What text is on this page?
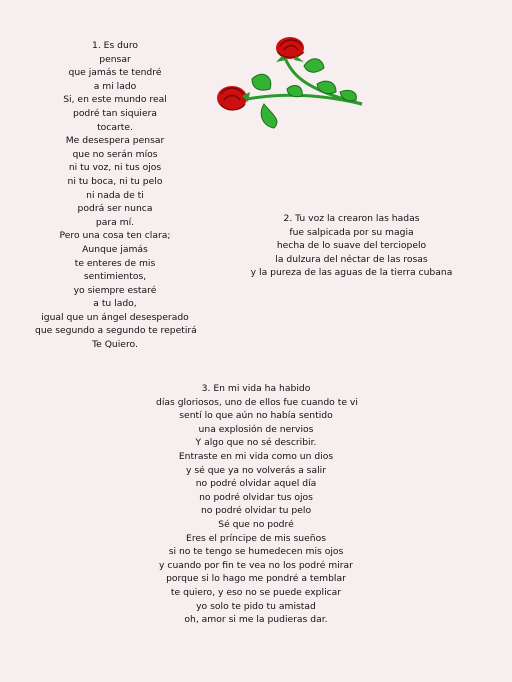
1. Es duro
pensar
que jamás te tendré
a mi lado
Si, en este mundo real
podré tan siquiera
tocarte.
Me desespera pensar
que no serán míos
ni tu voz, ni tus ojos
ni tu boca, ni tu pelo
ni nada de ti
podrá ser nunca
para mí.
Pero una cosa ten clara;
Aunque jamás
te enteres de mis
sentimientos,
yo siempre estaré
a tu lado,
igual que un ángel desesperado
que segundo a segundo te repetirá
Te Quiero.
2. Tu voz la crearon las hadas
fue salpicada por su magia
hecha de lo suave del terciopelo
la dulzura del néctar de las rosas
y la pureza de las aguas de la tierra cubana
3. En mi vida ha habido
días gloriosos, uno de ellos fue cuando te vi
sentí lo que aún no había sentido
una explosión de nervios
Y algo que no sé describir.
Entraste en mi vida como un dios
y sé que ya no volverás a salir
no podré olvidar aquel día
no podré olvidar tus ojos
no podré olvidar tu pelo
Sé que no podré
Eres el príncipe de mis sueños
si no te tengo se humedecen mis ojos
y cuando por fin te vea no los podré mirar
porque si lo hago me pondré a temblar
te quiero, y eso no se puede explicar
yo solo te pido tu amistad
oh, amor si me la pudieras dar.
